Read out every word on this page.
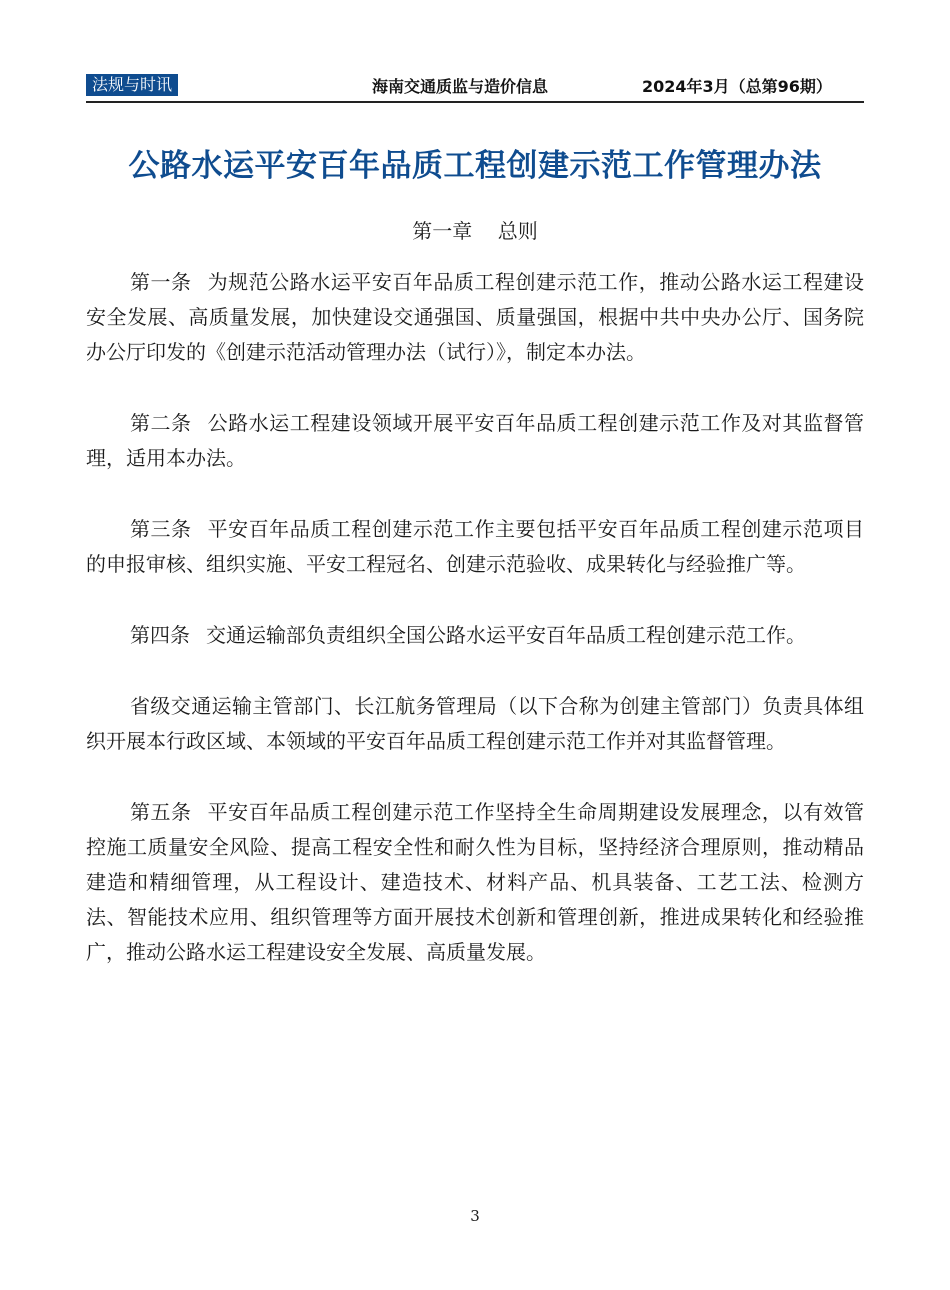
法规与时讯	海南交通质监与造价信息	2024年3月（总第96期）
公路水运平安百年品质工程创建示范工作管理办法
第一章    总则

第一条 为规范公路水运平安百年品质工程创建示范工作，推动公路水运工程建设安全发展、高质量发展，加快建设交通强国、质量强国，根据中共中央办公厅、国务院办公厅印发的《创建示范活动管理办法（试行）》，制定本办法。

第二条 公路水运工程建设领域开展平安百年品质工程创建示范工作及对其监督管理，适用本办法。

第三条 平安百年品质工程创建示范工作主要包括平安百年品质工程创建示范项目的申报审核、组织实施、平安工程冠名、创建示范验收、成果转化与经验推广等。

第四条 交通运输部负责组织全国公路水运平安百年品质工程创建示范工作。

省级交通运输主管部门、长江航务管理局（以下合称为创建主管部门）负责具体组织开展本行政区域、本领域的平安百年品质工程创建示范工作并对其监督管理。

第五条 平安百年品质工程创建示范工作坚持全生命周期建设发展理念，以有效管控施工质量安全风险、提高工程安全性和耐久性为目标，坚持经济合理原则，推动精品建造和精细管理，从工程设计、建造技术、材料产品、机具装备、工艺工法、检测方法、智能技术应用、组织管理等方面开展技术创新和管理创新，推进成果转化和经验推广，推动公路水运工程建设安全发展、高质量发展。

3
